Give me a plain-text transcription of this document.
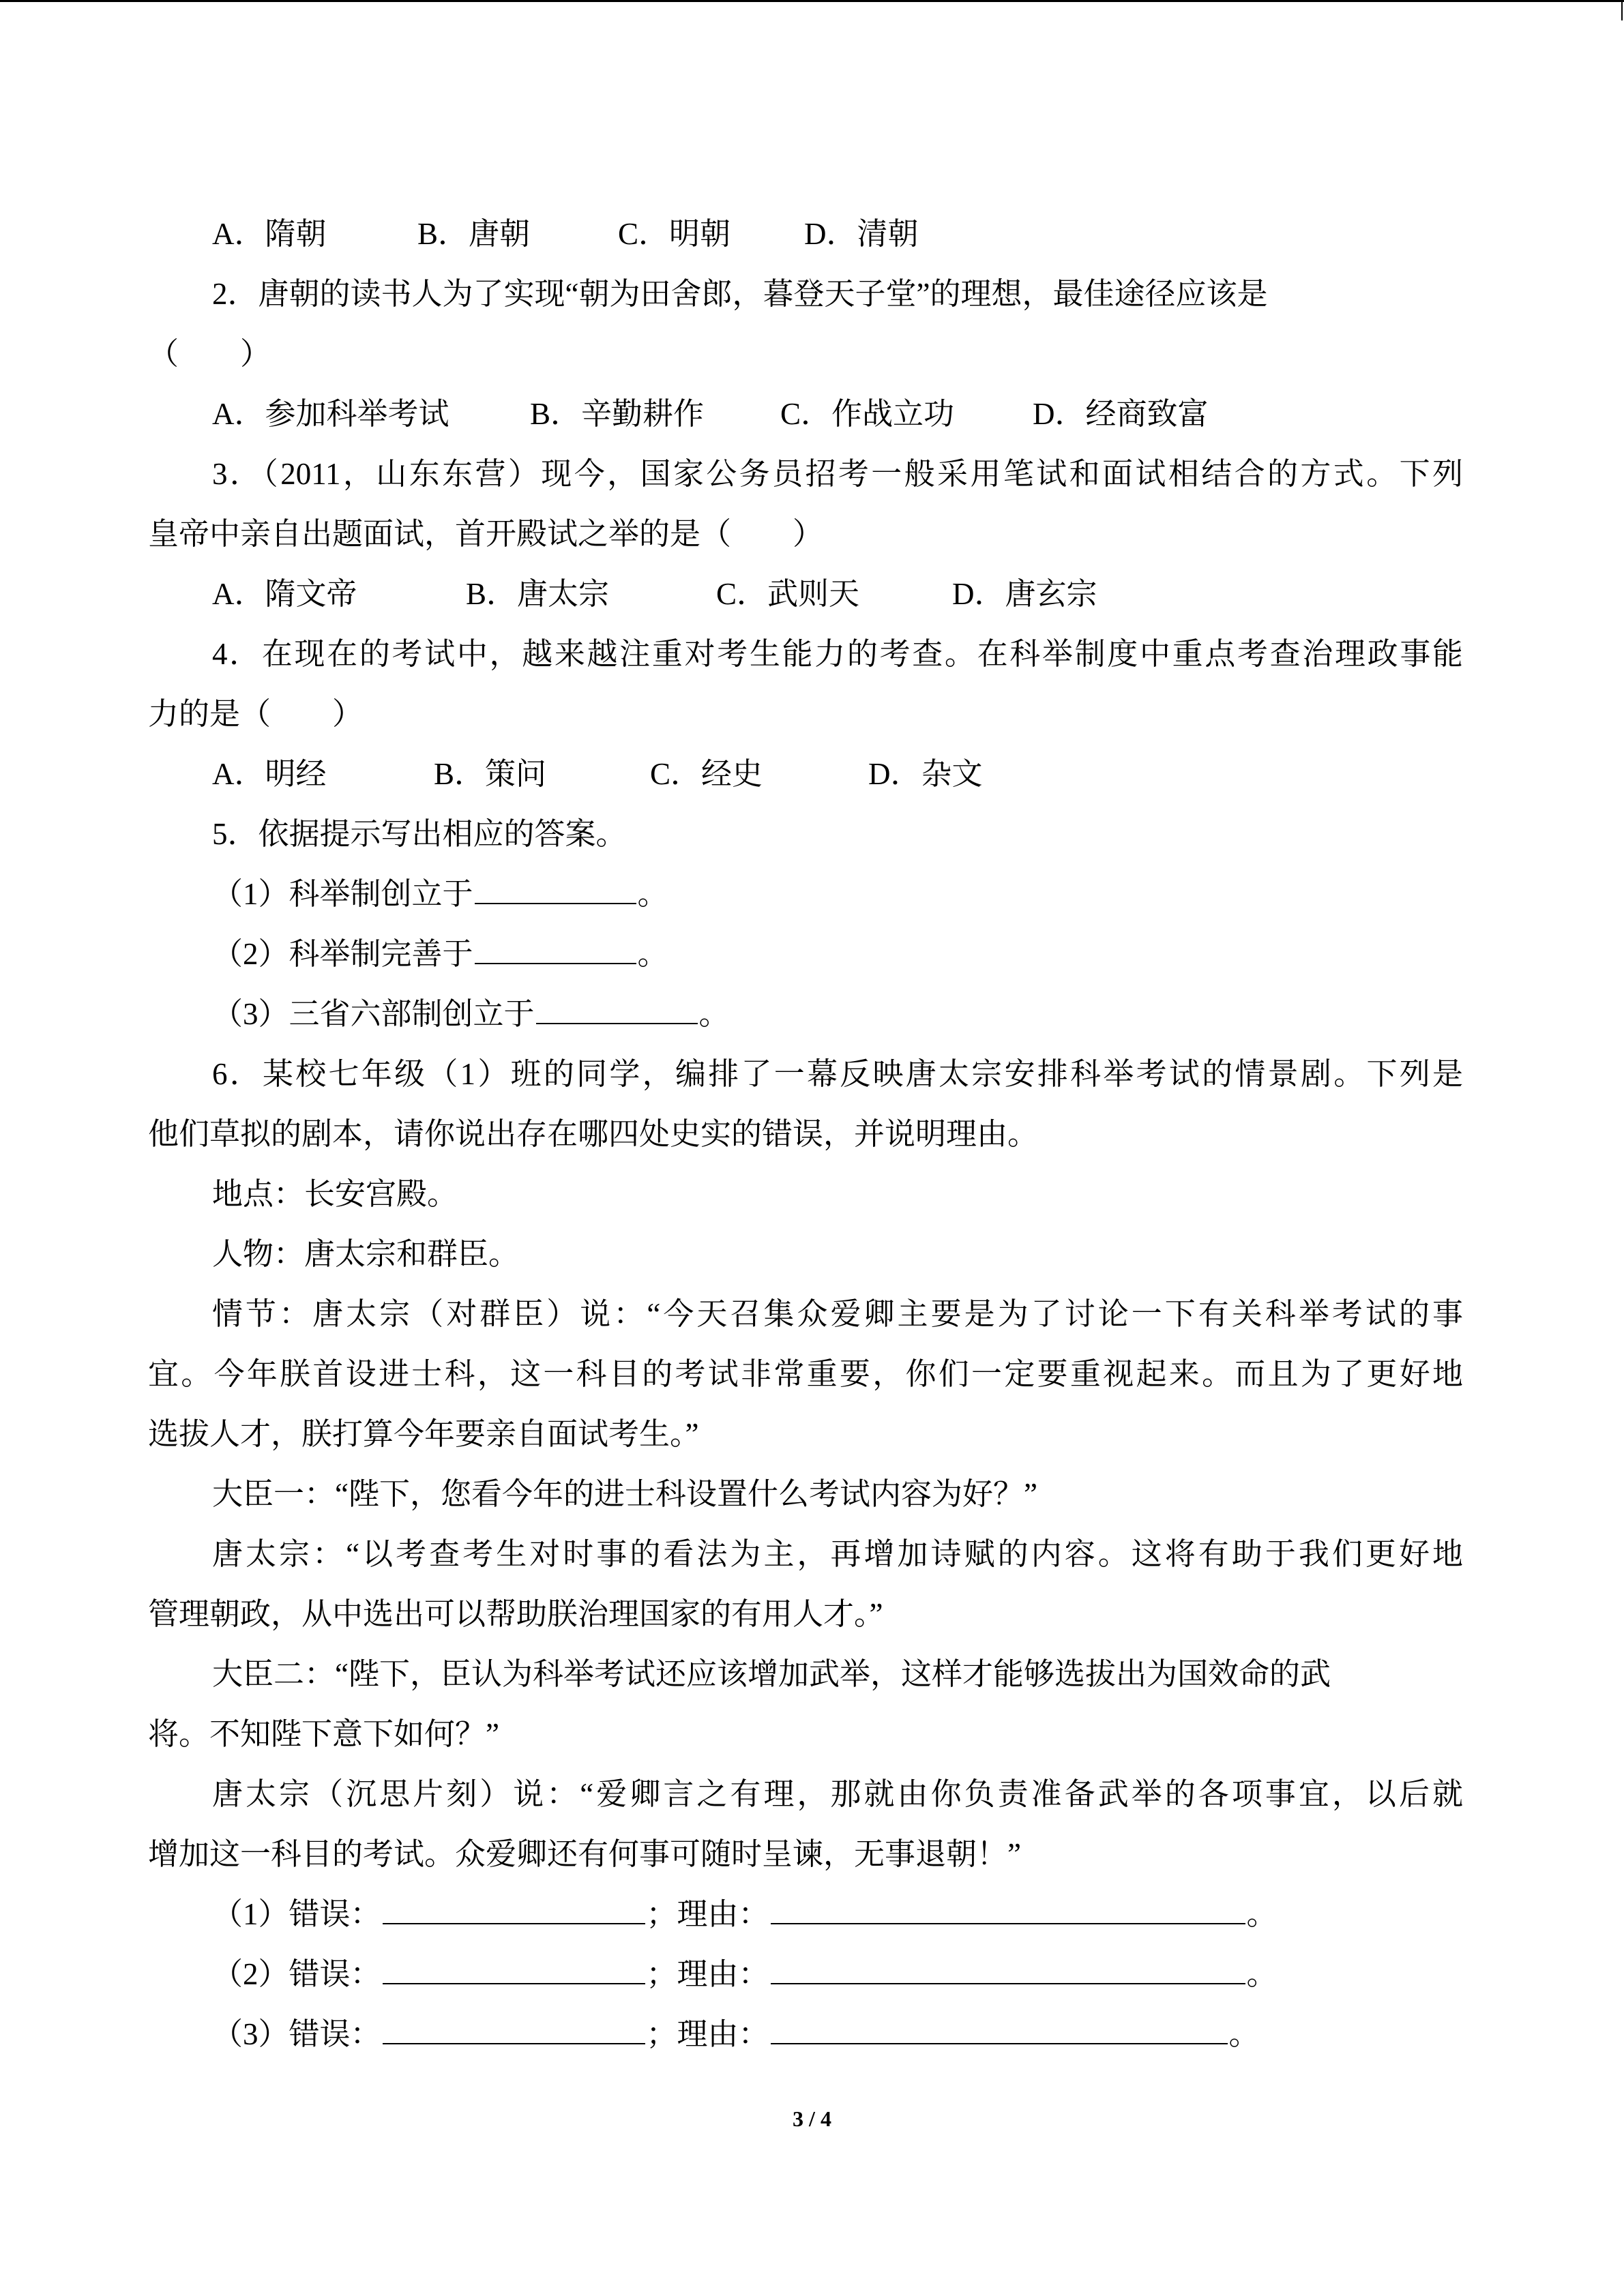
A．隋朝	B．唐朝	C．明朝 D．清朝
2．唐朝的读书人为了实现“朝为田舍郎，暮登天子堂”的理想，最佳途径应该是
（　　）
A．参加科举考试	B．辛勤耕作 C．作战立功	D．经商致富
3．（2011，山东东营）现今，国家公务员招考一般采用笔试和面试相结合的方式。下列
皇帝中亲自出题面试，首开殿试之举的是（　　）
A．隋文帝	B．唐太宗	C．武则天	D．唐玄宗
4．在现在的考试中，越来越注重对考生能力的考查。在科举制度中重点考查治理政事能
力的是（　　）
A．明经	B．策问	C．经史	D．杂文
5．依据提示写出相应的答案。
（1）科举制创立于	。
（2）科举制完善于	。
（3）三省六部制创立于	。
6．某校七年级（1）班的同学，编排了一幕反映唐太宗安排科举考试的情景剧。下列是
他们草拟的剧本，请你说出存在哪四处史实的错误，并说明理由。
地点：长安宫殿。
人物：唐太宗和群臣。
情节：唐太宗（对群臣）说：“今天召集众爱卿主要是为了讨论一下有关科举考试的事
宜。今年朕首设进士科，这一科目的考试非常重要，你们一定要重视起来。而且为了更好地
选拔人才，朕打算今年要亲自面试考生。”
大臣一：“陛下，您看今年的进士科设置什么考试内容为好？”
唐太宗：“以考查考生对时事的看法为主，再增加诗赋的内容。这将有助于我们更好地
管理朝政，从中选出可以帮助朕治理国家的有用人才。”
大臣二：“陛下，臣认为科举考试还应该增加武举，这样才能够选拔出为国效命的武
将。不知陛下意下如何？”
唐太宗（沉思片刻）说：“爱卿言之有理，那就由你负责准备武举的各项事宜，以后就
增加这一科目的考试。众爱卿还有何事可随时呈谏，无事退朝！”
（1）错误：	；理由：	。
（2）错误：	；理由：	。
（3）错误：	；理由：	。
3 / 4
